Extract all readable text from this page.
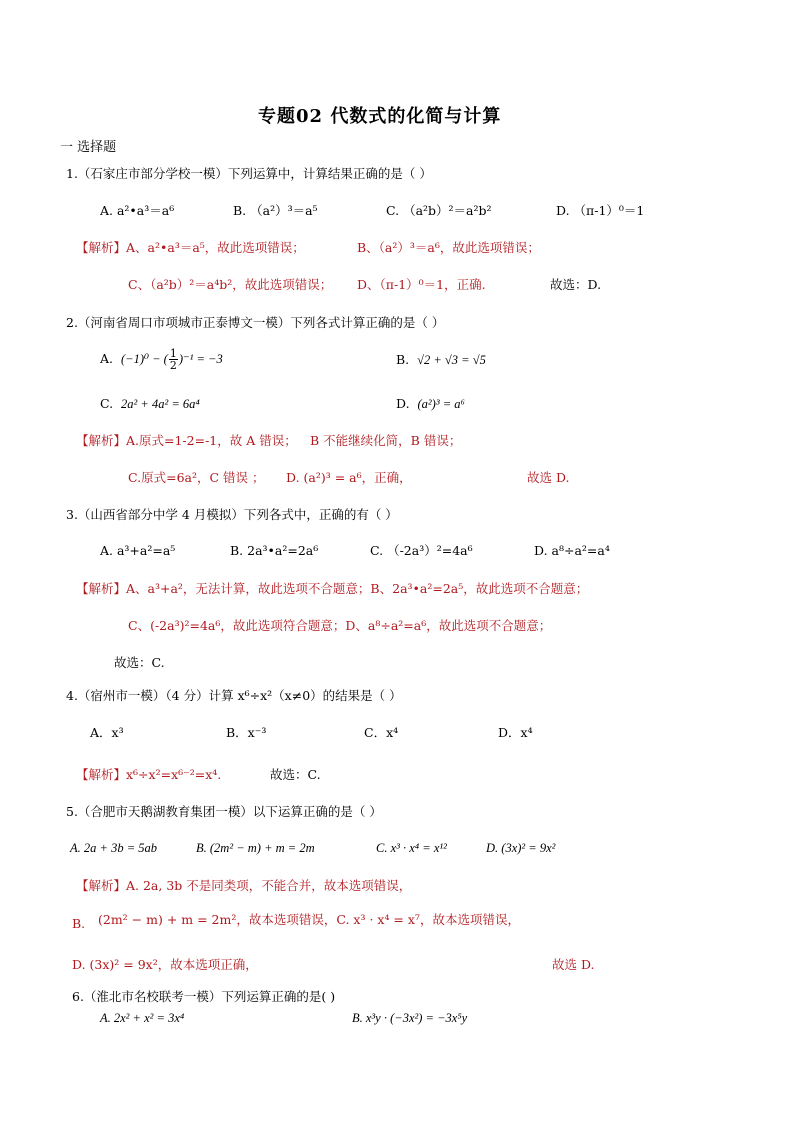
专题02 代数式的化简与计算
一 选择题
1.（石家庄市部分学校一模）下列运算中，计算结果正确的是（ ）
A. a²•a³＝a⁶	B. （a²）³＝a⁵	C. （a²b）²＝a²b²	D. （π-1）⁰＝1
【解析】A、a²•a³＝a⁵，故此选项错误；	B、（a²）³＝a⁶，故此选项错误；
C、（a²b）²＝a⁴b²，故此选项错误； D、（π-1）⁰＝1，正确.	故选：D.
2.（河南省周口市项城市正泰博文一模）下列各式计算正确的是（ ）
A. (−1)⁰ − ( $\frac{1}{2} )^{-1} = -3$	B. √2 + √3 = √5
C. 2a² + 4a² = 6a⁴	D. (a²)³ = a⁶
【解析】A.原式=1-2=-1，故 A 错误； B 不能继续化简，B 错误；
C.原式=6a²，C 错误 ； D. (a²)³ = a⁶，正确，	故选 D.
3.（山西省部分中学 4 月模拟）下列各式中，正确的有（ ）
A. a³+a²=a⁵	B. 2a³•a²=2a⁶	C. （-2a³）²=4a⁶	D. a⁸÷a²=a⁴
【解析】A、a³+a²，无法计算，故此选项不合题意；B、2a³•a²=2a⁵，故此选项不合题意；
C、(-2a³)²=4a⁶，故此选项符合题意；D、a⁸÷a²=a⁶，故此选项不合题意；
故选：C.
4.（宿州市一模）（4 分）计算 x⁶÷x²（x≠0）的结果是（ ）
A．x³	B．x⁻³	C．x⁴	D．x⁴
【解析】x⁶÷x²=x⁶⁻²=x⁴.	故选：C.
5.（合肥市天鹅湖教育集团一模）以下运算正确的是（ ）
A. 2a + 3b = 5ab	B. (2m² − m) + m = 2m	C. x³ · x⁴ = x¹²	D. (3x)² = 9x²
【解析】A. 2a, 3b 不是同类项，不能合并，故本选项错误，
B. (2m² − m) + m = 2m²，故本选项错误，C. x³ · x⁴ = x⁷，故本选项错误，
D. (3x)² = 9x²，故本选项正确，	故选 D.
6.（淮北市名校联考一模）下列运算正确的是( )
A. 2x² + x² = 3x⁴	B. x³y · (−3x²) = −3x⁵y
